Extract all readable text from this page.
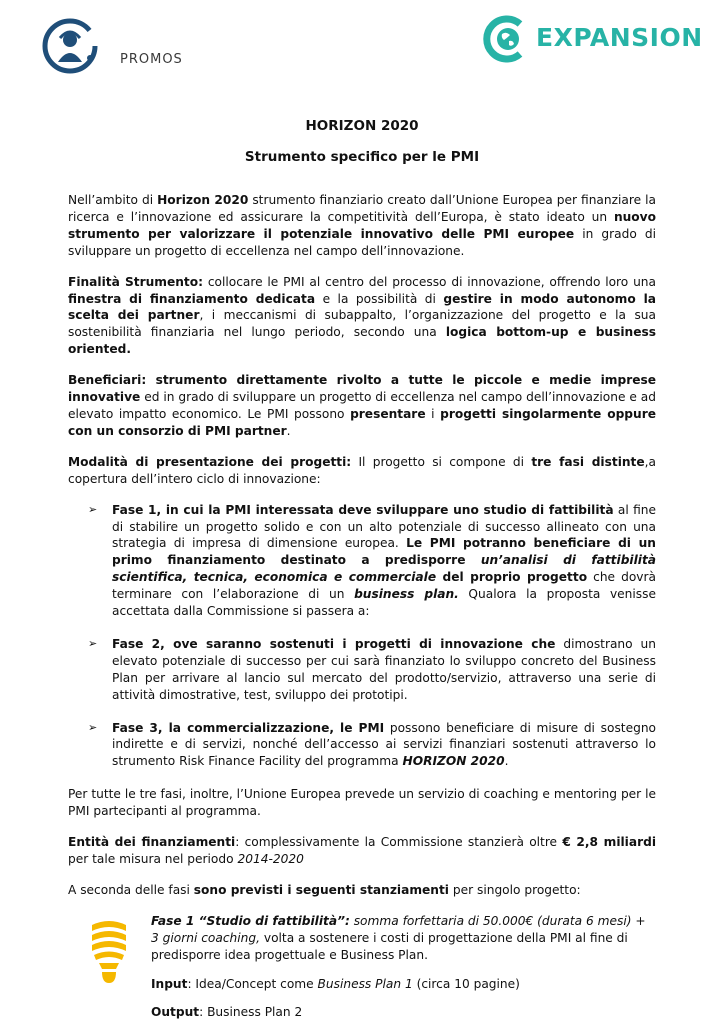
PROMOS
EXPANSION
HORIZON 2020
Strumento specifico per le PMI

Nell’ambito di Horizon 2020 strumento finanziario creato dall’Unione Europea per finanziare la ricerca e l’innovazione ed assicurare la competitività dell’Europa, è stato ideato un nuovo strumento per valorizzare il potenziale innovativo delle PMI europee in grado di sviluppare un progetto di eccellenza nel campo dell’innovazione.

Finalità Strumento: collocare le PMI al centro del processo di innovazione, offrendo loro una finestra di finanziamento dedicata e la possibilità di gestire in modo autonomo la scelta dei partner, i meccanismi di subappalto, l’organizzazione del progetto e la sua sostenibilità finanziaria nel lungo periodo, secondo una logica bottom-up e business oriented.

Beneficiari: strumento direttamente rivolto a tutte le piccole e medie imprese innovative ed in grado di sviluppare un progetto di eccellenza nel campo dell’innovazione e ad elevato impatto economico. Le PMI possono presentare i progetti singolarmente oppure con un consorzio di PMI partner.

Modalità di presentazione dei progetti: Il progetto si compone di tre fasi distinte,a copertura dell’intero ciclo di innovazione:

➢ Fase 1, in cui la PMI interessata deve sviluppare uno studio di fattibilità al fine di stabilire un progetto solido e con un alto potenziale di successo allineato con una strategia di impresa di dimensione europea. Le PMI potranno beneficiare di un primo finanziamento destinato a predisporre un’analisi di fattibilità scientifica, tecnica, economica e commerciale del proprio progetto che dovrà terminare con l’elaborazione di un business plan. Qualora la proposta venisse accettata dalla Commissione si passera a:
➢ Fase 2, ove saranno sostenuti i progetti di innovazione che dimostrano un elevato potenziale di successo per cui sarà finanziato lo sviluppo concreto del Business Plan per arrivare al lancio sul mercato del prodotto/servizio, attraverso una serie di attività dimostrative, test, sviluppo dei prototipi.
➢ Fase 3, la commercializzazione, le PMI possono beneficiare di misure di sostegno indirette e di servizi, nonché dell’accesso ai servizi finanziari sostenuti attraverso lo strumento Risk Finance Facility del programma HORIZON 2020.

Per tutte le tre fasi, inoltre, l’Unione Europea prevede un servizio di coaching e mentoring per le PMI partecipanti al programma.

Entità dei finanziamenti: complessivamente la Commissione stanzierà oltre € 2,8 miliardi per tale misura nel periodo 2014-2020

A seconda delle fasi sono previsti i seguenti stanziamenti per singolo progetto:

Fase 1 “Studio di fattibilità”: somma forfettaria di 50.000€ (durata 6 mesi) + 3 giorni coaching, volta a sostenere i costi di progettazione della PMI al fine di predisporre idea progettuale e Business Plan.

Input: Idea/Concept come Business Plan 1 (circa 10 pagine)

Output: Business Plan 2
